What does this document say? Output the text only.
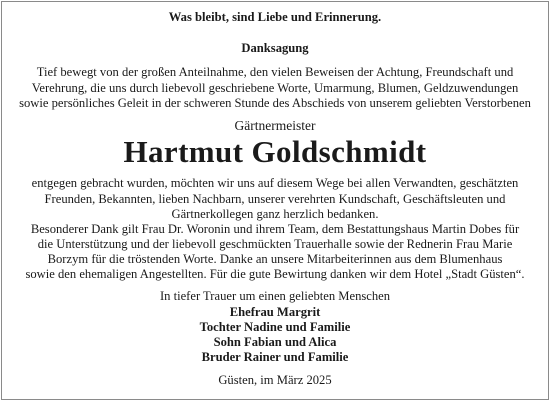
Was bleibt, sind Liebe und Erinnerung.
Danksagung
Tief bewegt von der großen Anteilnahme, den vielen Beweisen der Achtung, Freundschaft und
Verehrung, die uns durch liebevoll geschriebene Worte, Umarmung, Blumen, Geldzuwendungen
sowie persönliches Geleit in der schweren Stunde des Abschieds von unserem geliebten Verstorbenen
Gärtnermeister
Hartmut Goldschmidt
entgegen gebracht wurden, möchten wir uns auf diesem Wege bei allen Verwandten, geschätzten
Freunden, Bekannten, lieben Nachbarn, unserer verehrten Kundschaft, Geschäftsleuten und
Gärtnerkollegen ganz herzlich bedanken.
Besonderer Dank gilt Frau Dr. Woronin und ihrem Team, dem Bestattungshaus Martin Dobes für
die Unterstützung und der liebevoll geschmückten Trauerhalle sowie der Rednerin Frau Marie
Borzym für die tröstenden Worte. Danke an unsere Mitarbeiterinnen aus dem Blumenhaus
sowie den ehemaligen Angestellten. Für die gute Bewirtung danken wir dem Hotel „Stadt Güsten“.
In tiefer Trauer um einen geliebten Menschen
Ehefrau Margrit
Tochter Nadine und Familie
Sohn Fabian und Alica
Bruder Rainer und Familie
Güsten, im März 2025
